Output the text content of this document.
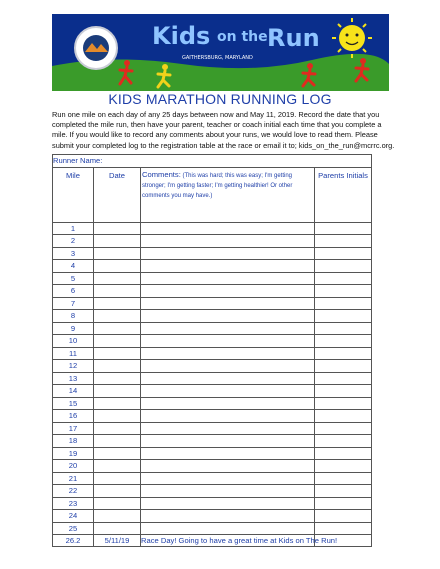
Kids on the Run
GAITHERSBURG, MARYLAND
KIDS MARATHON RUNNING LOG
Run one mile on each day of any 25 days between now and May 11, 2019. Record the date that you
completed the mile run, then have your parent, teacher or coach initial each time that you complete a
mile. If you would like to record any comments about your runs, we would love to read them. Please
submit your completed log to the registration table at the race or email it to; kids_on_the_run@mcrrc.org.
Runner Name:			
Mile	Date	Comments: (This was hard; this was easy; I'm getting stronger; I'm getting faster; I'm getting healthier! Or other comments you may have.)	Parents Initials
1			
2			
3			
4			
5			
6			
7			
8			
9			
10			
11			
12			
13			
14			
15			
16			
17			
18			
19			
20			
21			
22			
23			
24			
25			
26.2	5/11/19	Race Day! Going to have a great time at Kids on The Run!	
